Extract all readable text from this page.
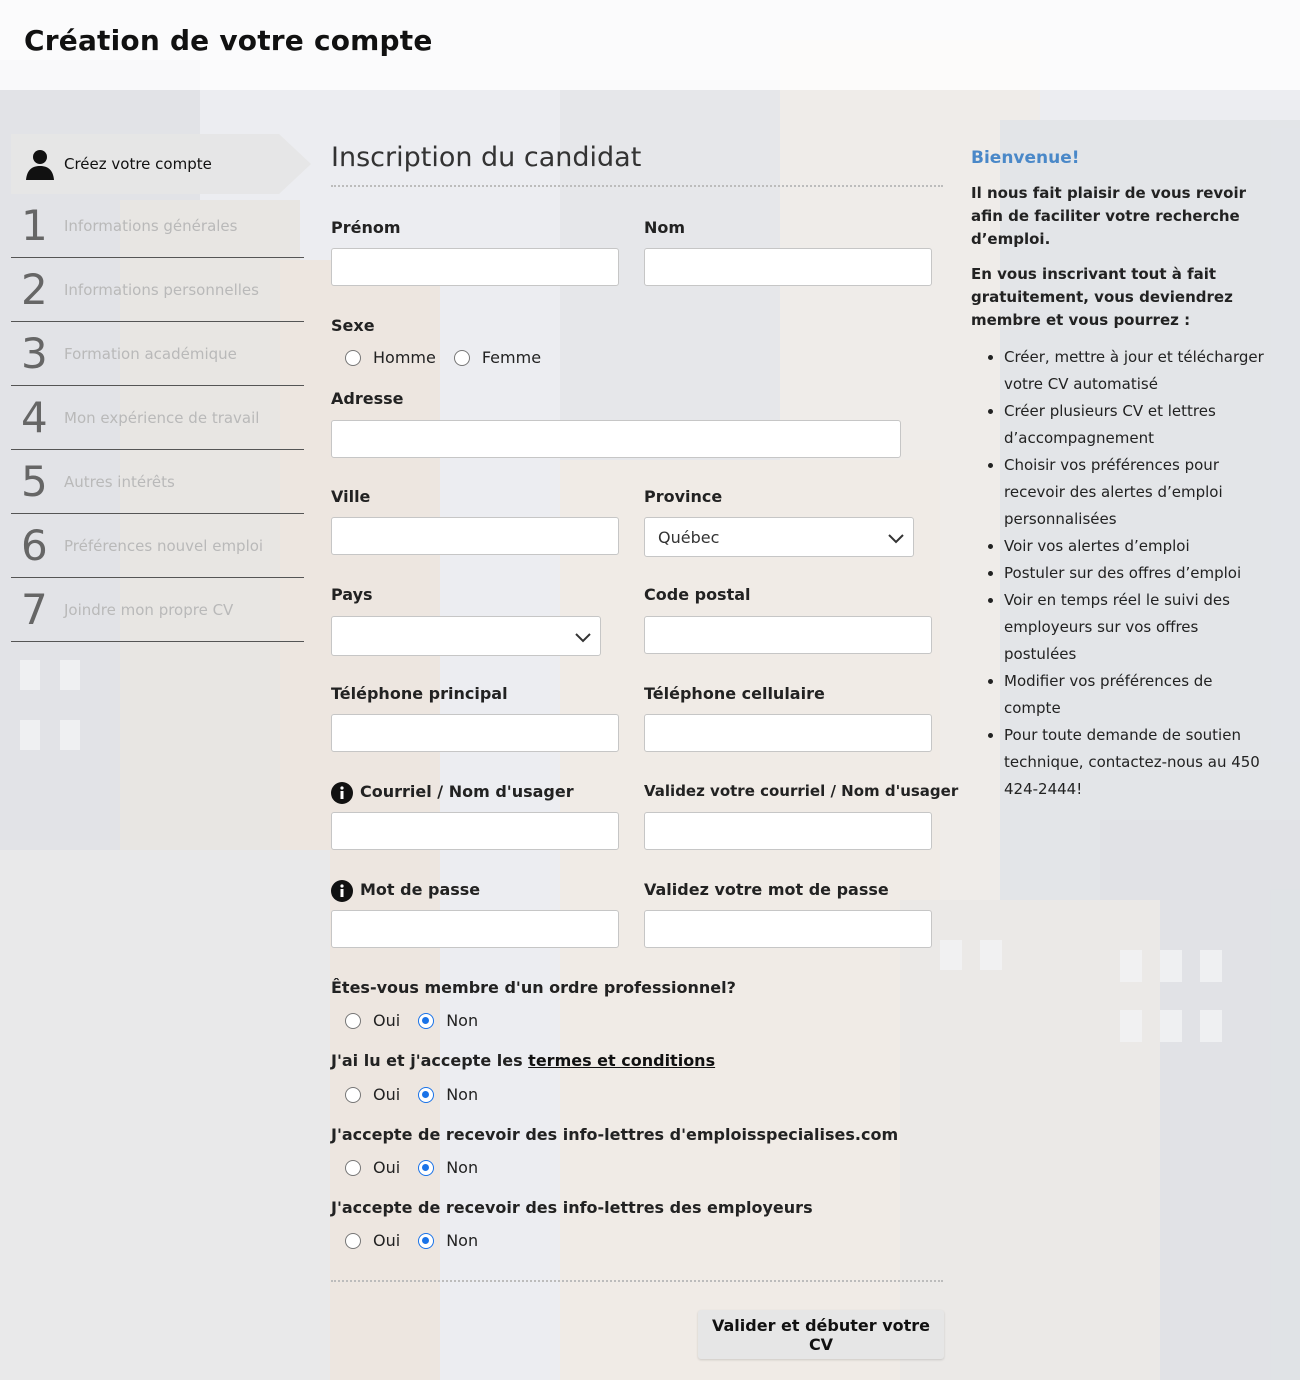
Création de votre compte
Créez votre compte
1	Informations générales
2	Informations personnelles
3	Formation académique
4	Mon expérience de travail
5	Autres intérêts
6	Préférences nouvel emploi
7	Joindre mon propre CV
Inscription du candidat
Prénom	Nom
Sexe
Homme	Femme
Adresse
Ville	Province
Québec
Pays	Code postal
Téléphone principal	Téléphone cellulaire
Courriel / Nom d'usager	Validez votre courriel / Nom d'usager
Mot de passe	Validez votre mot de passe
Êtes-vous membre d'un ordre professionnel?
Oui	Non
J'ai lu et j'accepte les termes et conditions
Oui	Non
J'accepte de recevoir des info-lettres d'emploisspecialises.com
Oui	Non
J'accepte de recevoir des info-lettres des employeurs
Oui	Non
Valider et débuter votre CV
Bienvenue!

Il nous fait plaisir de vous revoir afin de faciliter votre recherche d’emploi.

En vous inscrivant tout à fait gratuitement, vous deviendrez membre et vous pourrez :

• Créer, mettre à jour et télécharger votre CV automatisé
• Créer plusieurs CV et lettres d’accompagnement
• Choisir vos préférences pour recevoir des alertes d’emploi personnalisées
• Voir vos alertes d’emploi
• Postuler sur des offres d’emploi
• Voir en temps réel le suivi des employeurs sur vos offres postulées
• Modifier vos préférences de compte
• Pour toute demande de soutien technique, contactez-nous au 450 424-2444!
